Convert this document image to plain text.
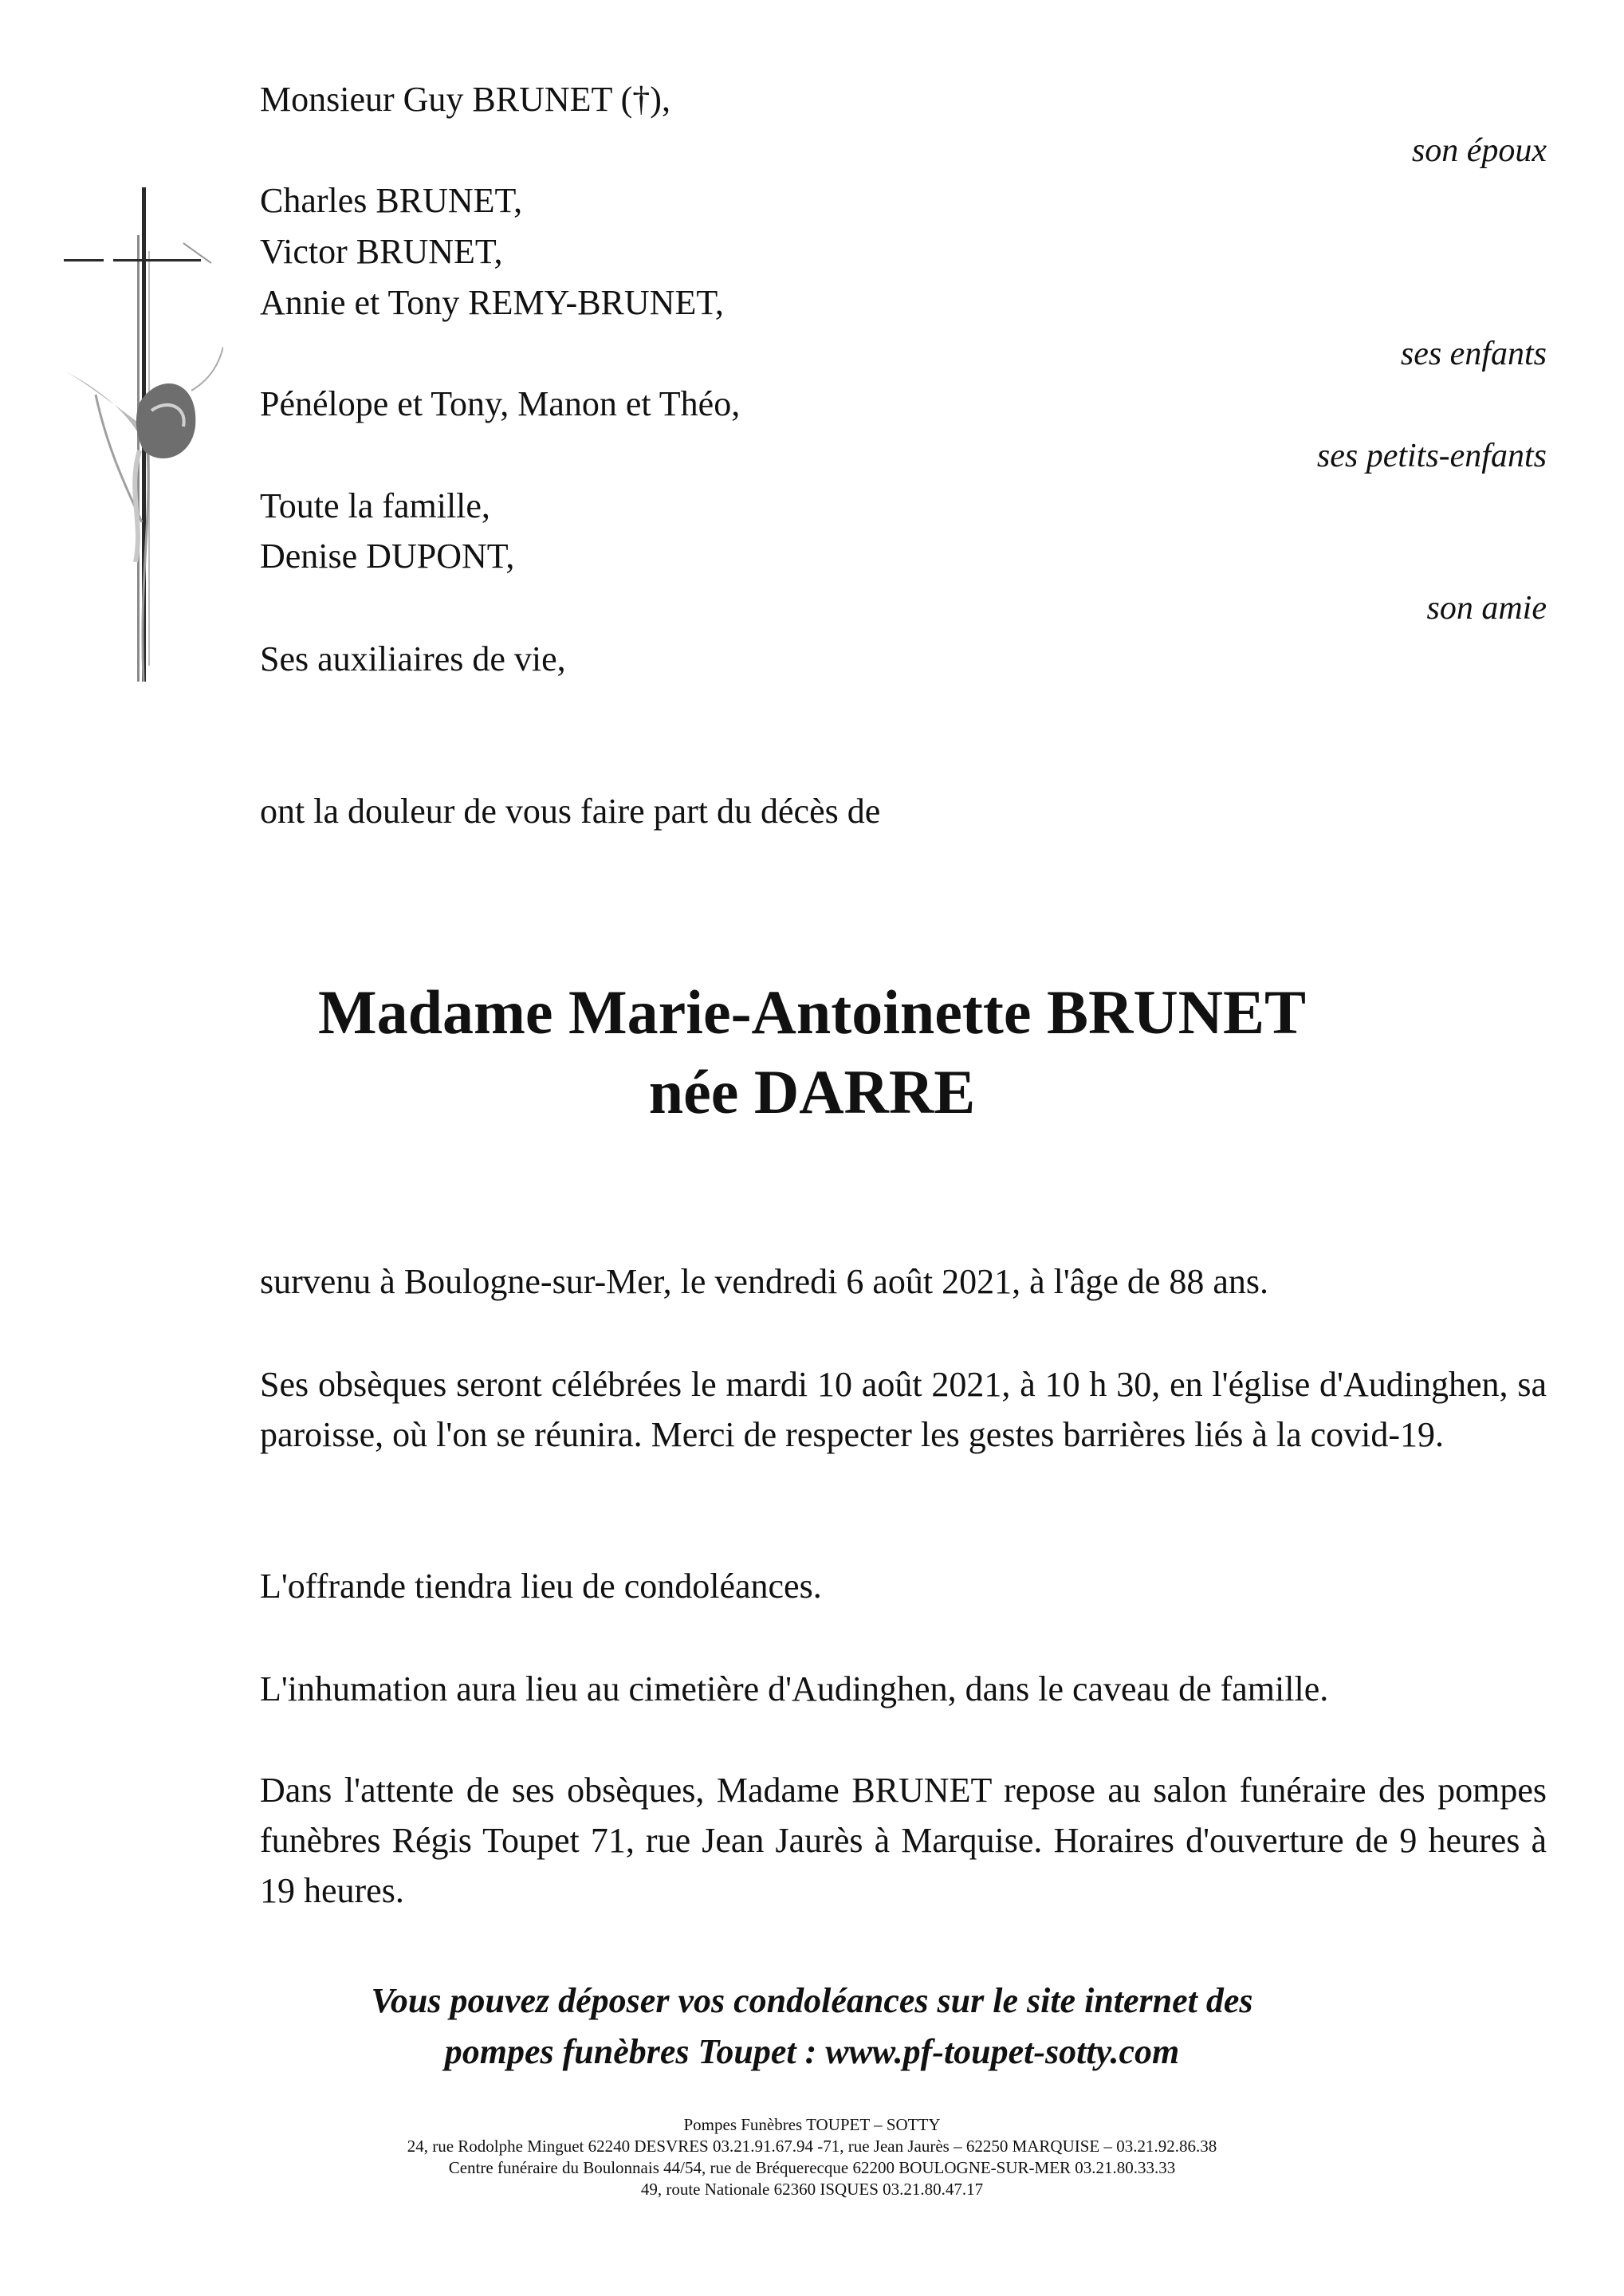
Monsieur Guy BRUNET (†),
son époux
Charles BRUNET,
Victor BRUNET,
Annie et Tony REMY-BRUNET,
ses enfants
Pénélope et Tony, Manon et Théo,
ses petits-enfants
Toute la famille,
Denise DUPONT,
son amie
Ses auxiliaires de vie,
ont la douleur de vous faire part du décès de
Madame Marie-Antoinette BRUNET
née DARRE
survenu à Boulogne-sur-Mer, le vendredi 6 août 2021, à l'âge de 88 ans.
Ses obsèques seront célébrées le mardi 10 août 2021, à 10 h 30, en l'église d'Audinghen, sa paroisse, où l'on se réunira. Merci de respecter les gestes barrières liés à la covid-19.
L'offrande tiendra lieu de condoléances.
L'inhumation aura lieu au cimetière d'Audinghen, dans le caveau de famille.
Dans l'attente de ses obsèques, Madame BRUNET repose au salon funéraire des pompes funèbres Régis Toupet 71, rue Jean Jaurès à Marquise. Horaires d'ouverture de 9 heures à 19 heures.
Vous pouvez déposer vos condoléances sur le site internet des
pompes funèbres Toupet : www.pf-toupet-sotty.com
Pompes Funèbres TOUPET – SOTTY
24, rue Rodolphe Minguet 62240 DESVRES 03.21.91.67.94 -71, rue Jean Jaurès – 62250 MARQUISE – 03.21.92.86.38
Centre funéraire du Boulonnais 44/54, rue de Bréquerecque 62200 BOULOGNE-SUR-MER 03.21.80.33.33
49, route Nationale 62360 ISQUES 03.21.80.47.17
